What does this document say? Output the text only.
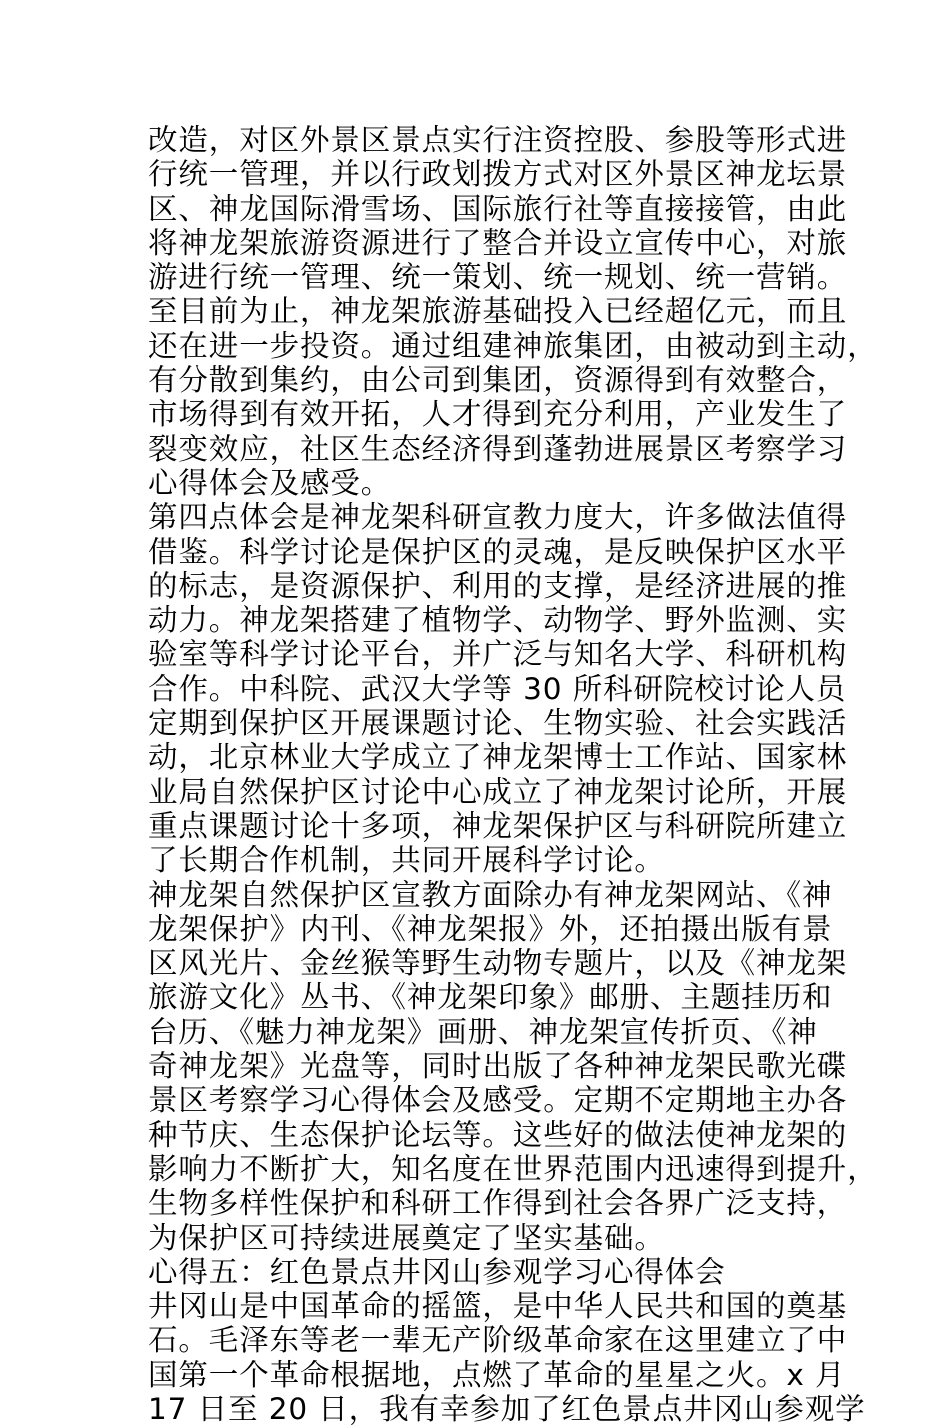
改造，对区外景区景点实行注资控股、参股等形式进
行统一管理，并以行政划拨方式对区外景区神龙坛景
区、神龙国际滑雪场、国际旅行社等直接接管，由此
将神龙架旅游资源进行了整合并设立宣传中心，对旅
游进行统一管理、统一策划、统一规划、统一营销。
至目前为止，神龙架旅游基础投入已经超亿元，而且
还在进一步投资。通过组建神旅集团，由被动到主动，
有分散到集约，由公司到集团，资源得到有效整合，
市场得到有效开拓，人才得到充分利用，产业发生了
裂变效应，社区生态经济得到蓬勃进展景区考察学习
心得体会及感受。
第四点体会是神龙架科研宣教力度大，许多做法值得
借鉴。科学讨论是保护区的灵魂，是反映保护区水平
的标志，是资源保护、利用的支撑，是经济进展的推
动力。神龙架搭建了植物学、动物学、野外监测、实
验室等科学讨论平台，并广泛与知名大学、科研机构
合作。中科院、武汉大学等 30 所科研院校讨论人员
定期到保护区开展课题讨论、生物实验、社会实践活
动，北京林业大学成立了神龙架博士工作站、国家林
业局自然保护区讨论中心成立了神龙架讨论所，开展
重点课题讨论十多项，神龙架保护区与科研院所建立
了长期合作机制，共同开展科学讨论。
神龙架自然保护区宣教方面除办有神龙架网站、《神
龙架保护》内刊、《神龙架报》外，还拍摄出版有景
区风光片、金丝猴等野生动物专题片，以及《神龙架
旅游文化》丛书、《神龙架印象》邮册、主题挂历和
台历、《魅力神龙架》画册、神龙架宣传折页、《神
奇神龙架》光盘等，同时出版了各种神龙架民歌光碟
景区考察学习心得体会及感受。定期不定期地主办各
种节庆、生态保护论坛等。这些好的做法使神龙架的
影响力不断扩大，知名度在世界范围内迅速得到提升，
生物多样性保护和科研工作得到社会各界广泛支持，
为保护区可持续进展奠定了坚实基础。
心得五：红色景点井冈山参观学习心得体会
井冈山是中国革命的摇篮，是中华人民共和国的奠基
石。毛泽东等老一辈无产阶级革命家在这里建立了中
国第一个革命根据地，点燃了革命的星星之火。x 月
17 日至 20 日，我有幸参加了红色景点井冈山参观学
